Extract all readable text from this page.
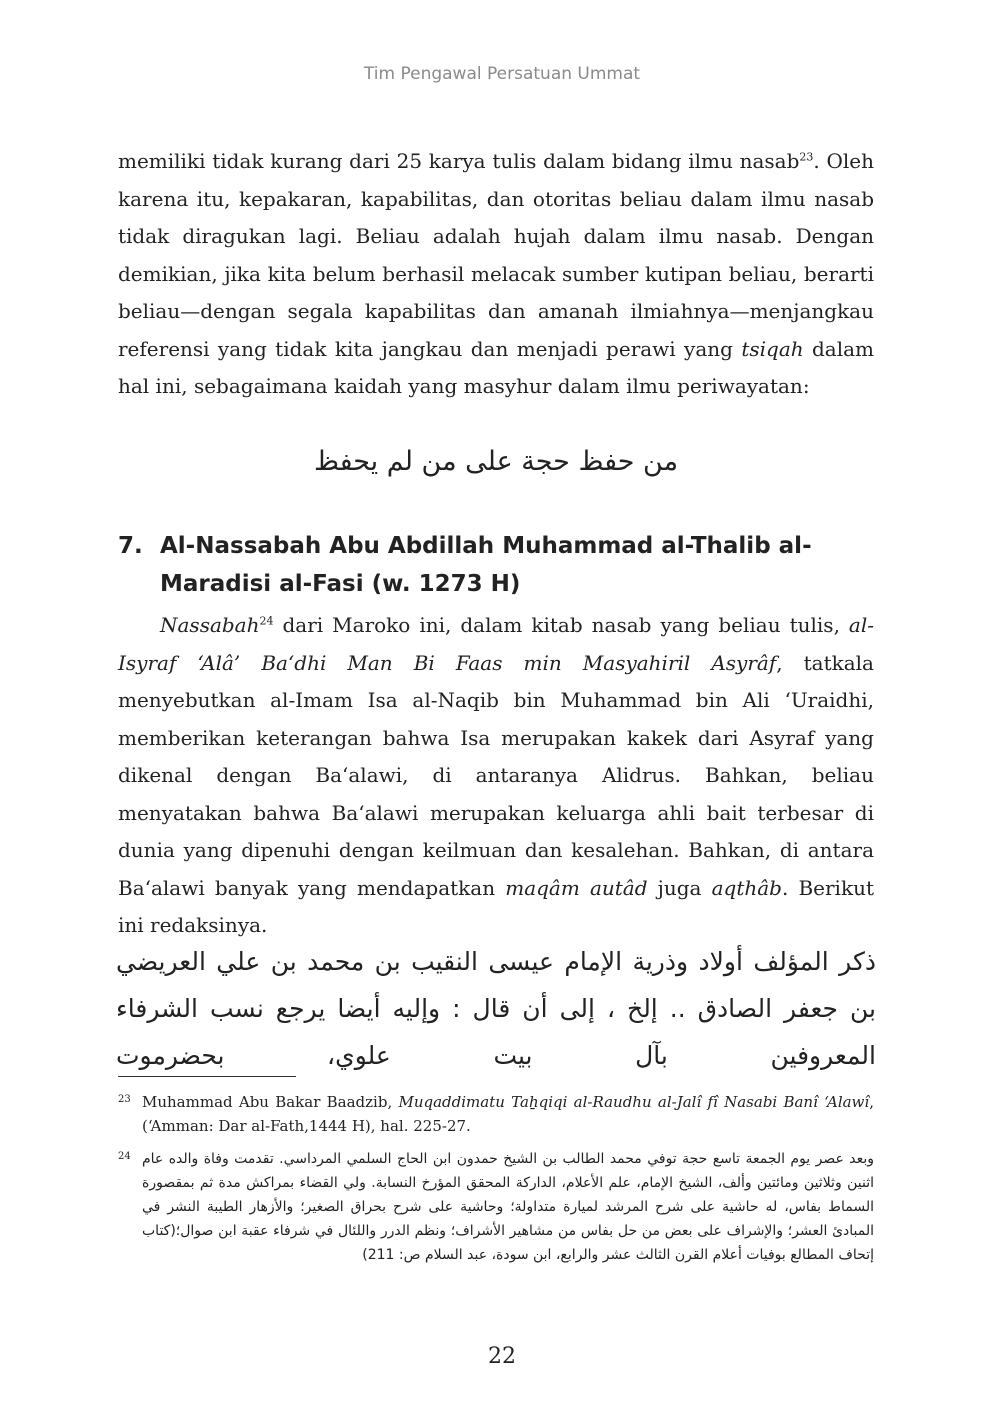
Tim Pengawal Persatuan Ummat

memiliki tidak kurang dari 25 karya tulis dalam bidang ilmu nasab$^{23}$. Oleh karena itu, kepakaran, kapabilitas, dan otoritas beliau dalam ilmu nasab tidak diragukan lagi. Beliau adalah hujah dalam ilmu nasab. Dengan demikian, jika kita belum berhasil melacak sumber kutipan beliau, berarti beliau—dengan segala kapabilitas dan amanah ilmiahnya—menjangkau referensi yang tidak kita jangkau dan menjadi perawi yang tsiqah dalam hal ini, sebagaimana kaidah yang masyhur dalam ilmu periwayatan:

من حفظ حجة على من لم يحفظ
7. Al-Nassabah Abu Abdillah Muhammad al-Thalib al-Maradisi al-Fasi (w. 1273 H)

Nassabah$^{24}$ dari Maroko ini, dalam kitab nasab yang beliau tulis, al-Isyraf ‘Alâ’ Ba‘dhi Man Bi Faas min Masyahiril Asyrâf, tatkala menyebutkan al-Imam Isa al-Naqib bin Muhammad bin Ali ‘Uraidhi, memberikan keterangan bahwa Isa merupakan kakek dari Asyraf yang dikenal dengan Ba‘alawi, di antaranya Alidrus. Bahkan, beliau menyatakan bahwa Ba‘alawi merupakan keluarga ahli bait terbesar di dunia yang dipenuhi dengan keilmuan dan kesalehan. Bahkan, di antara Ba‘alawi banyak yang mendapatkan maqâm autâd juga aqthâb. Berikut ini redaksinya.

ذكر المؤلف أولاد وذرية الإمام عيسى النقيب بن محمد بن علي العريضي بن جعفر الصادق .. إلخ ، إلى أن قال : وإليه أيضا يرجع نسب الشرفاء المعروفين بآل بيت علوي، بحضرموت
23 Muhammad Abu Bakar Baadzib, Muqaddimatu Taẖqiqi al-Raudhu al-Jalî fî Nasabi Banî ‘Alawî, (‘Amman: Dar al-Fath,1444 H), hal. 225-27.
24 وبعد عصر يوم الجمعة تاسع حجة توفي محمد الطالب بن الشيخ حمدون ابن الحاج السلمي المرداسي. تقدمت وفاة والده عام اثنين وثلاثين ومائتين وألف، الشيخ الإمام، علم الأعلام، الداركة المحقق المؤرخ النسابة. ولي القضاء بمراكش مدة ثم بمقصورة السماط بفاس، له حاشية على شرح المرشد لميارة متداولة؛ وحاشية على شرح بحراق الصغير؛ والأزهار الطيبة النشر في المبادئ العشر؛ والإشراف على بعض من حل بفاس من مشاهير الأشراف؛ ونظم الدرر واللئال في شرفاء عقبة ابن صوال؛(كتاب إتحاف المطالع بوفيات أعلام القرن الثالث عشر والرابع، ابن سودة، عبد السلام ص: 211)
22
